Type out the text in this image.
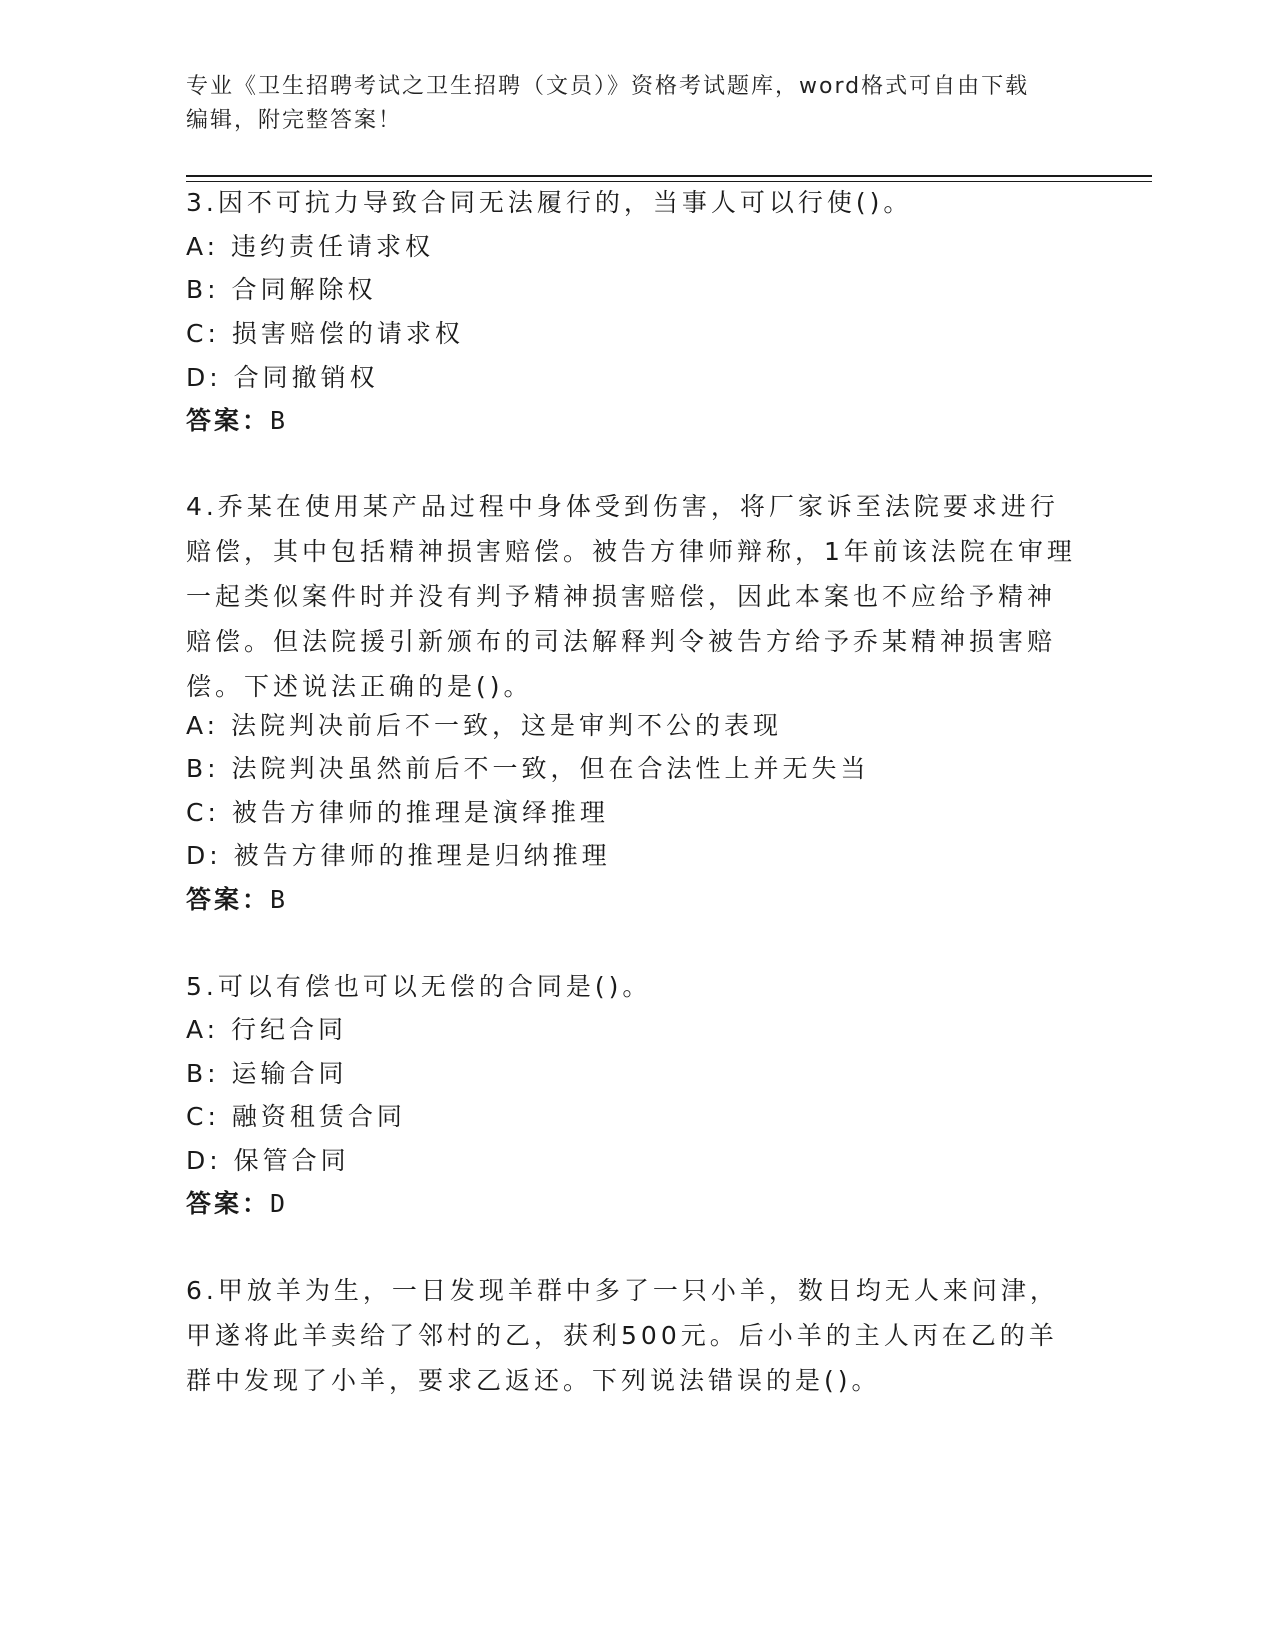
专业《卫生招聘考试之卫生招聘（文员）》资格考试题库，word格式可自由下载
编辑，附完整答案！
3.因不可抗力导致合同无法履行的，当事人可以行使()。
A: 违约责任请求权
B: 合同解除权
C: 损害赔偿的请求权
D: 合同撤销权
答案：B
4.乔某在使用某产品过程中身体受到伤害，将厂家诉至法院要求进行
赔偿，其中包括精神损害赔偿。被告方律师辩称，1年前该法院在审理
一起类似案件时并没有判予精神损害赔偿，因此本案也不应给予精神
赔偿。但法院援引新颁布的司法解释判令被告方给予乔某精神损害赔
偿。下述说法正确的是()。
A: 法院判决前后不一致，这是审判不公的表现
B: 法院判决虽然前后不一致，但在合法性上并无失当
C: 被告方律师的推理是演绎推理
D: 被告方律师的推理是归纳推理
答案：B
5.可以有偿也可以无偿的合同是()。
A: 行纪合同
B: 运输合同
C: 融资租赁合同
D: 保管合同
答案：D
6.甲放羊为生，一日发现羊群中多了一只小羊，数日均无人来问津，
甲遂将此羊卖给了邻村的乙，获利500元。后小羊的主人丙在乙的羊
群中发现了小羊，要求乙返还。下列说法错误的是()。
